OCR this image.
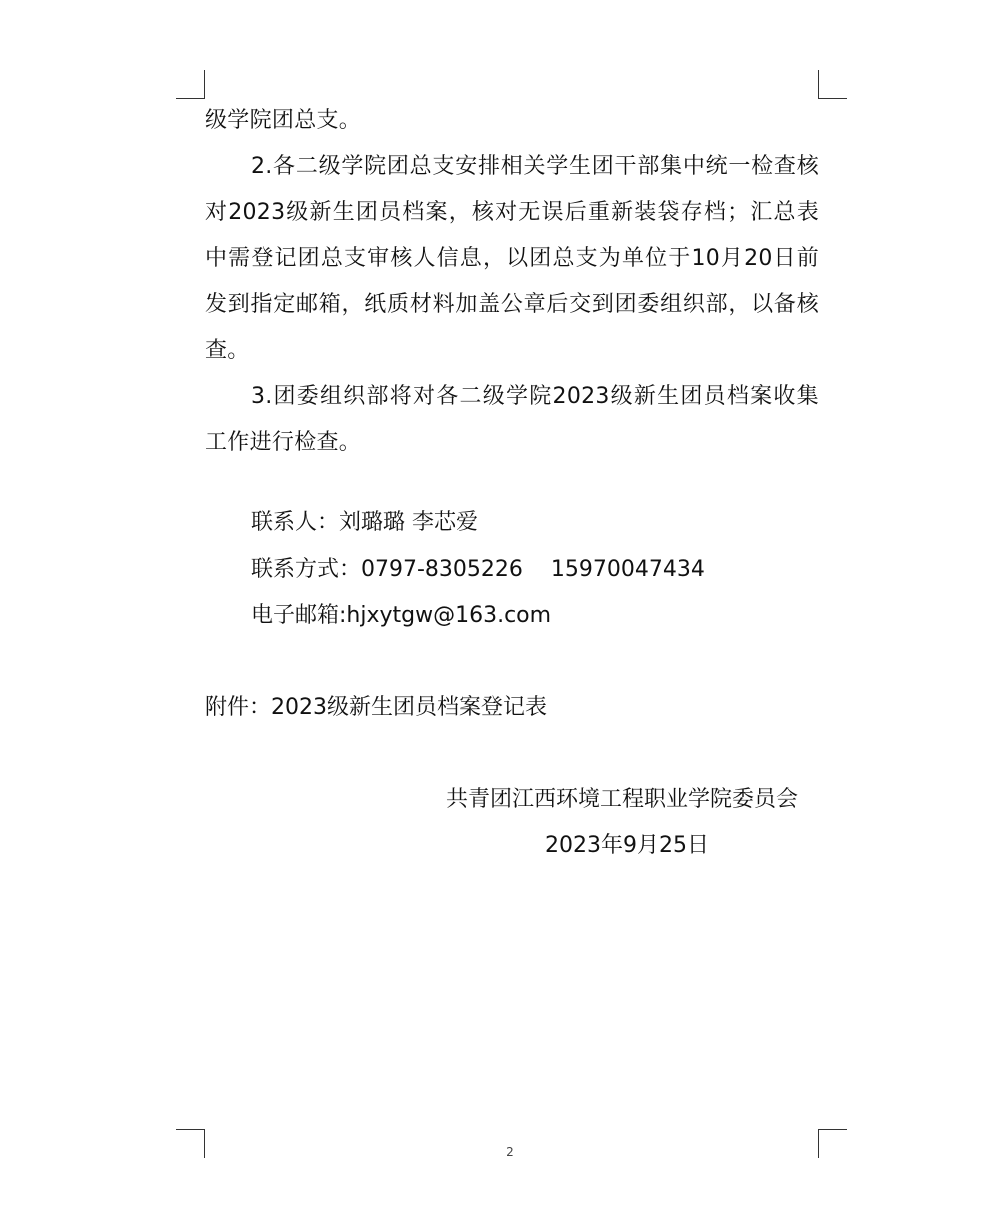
级学院团总支。

2.各二级学院团总支安排相关学生团干部集中统一检查核对2023级新生团员档案，核对无误后重新装袋存档；汇总表中需登记团总支审核人信息，以团总支为单位于10月20日前发到指定邮箱，纸质材料加盖公章后交到团委组织部，以备核查。

3.团委组织部将对各二级学院2023级新生团员档案收集工作进行检查。

联系人：刘璐璐 李芯爱
联系方式：0797-8305226    15970047434
电子邮箱:hjxytgw@163.com
附件：2023级新生团员档案登记表
共青团江西环境工程职业学院委员会
2023年9月25日
2
